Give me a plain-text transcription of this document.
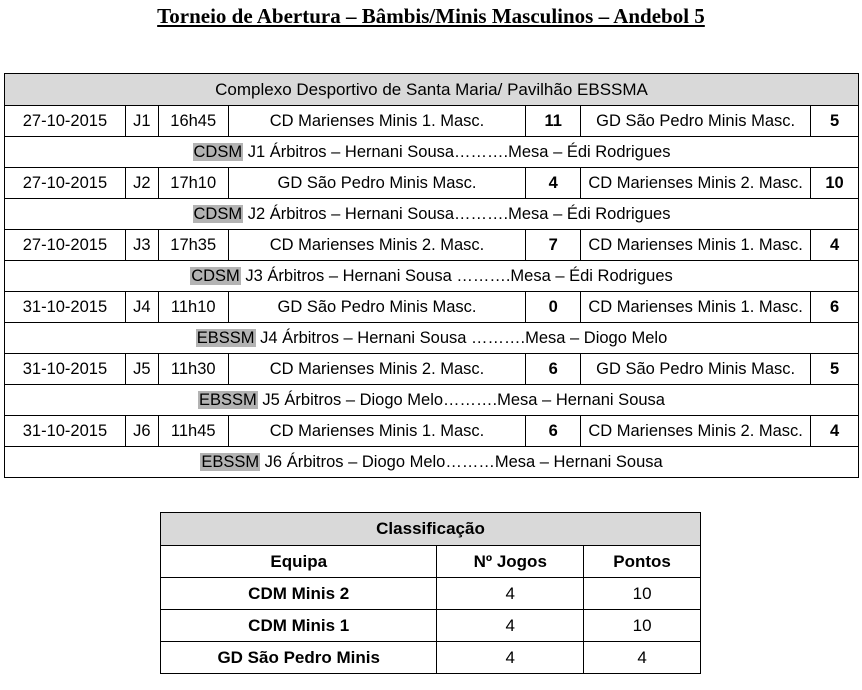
Torneio de Abertura – Bâmbis/Minis Masculinos – Andebol 5
Complexo Desportivo de Santa Maria/ Pavilhão EBSSMA						
27-10-2015	J1	16h45	CD Marienses Minis 1. Masc.	11	GD São Pedro Minis Masc.	5
CDSM J1 Árbitros – Hernani Sousa……….Mesa – Édi Rodrigues						
27-10-2015	J2	17h10	GD São Pedro Minis Masc.	4	CD Marienses Minis 2. Masc.	10
CDSM J2 Árbitros – Hernani Sousa……….Mesa – Édi Rodrigues						
27-10-2015	J3	17h35	CD Marienses Minis 2. Masc.	7	CD Marienses Minis 1. Masc.	4
CDSM J3 Árbitros – Hernani Sousa ……….Mesa – Édi Rodrigues						
31-10-2015	J4	11h10	GD São Pedro Minis Masc.	0	CD Marienses Minis 1. Masc.	6
EBSSM J4 Árbitros – Hernani Sousa ……….Mesa – Diogo Melo						
31-10-2015	J5	11h30	CD Marienses Minis 2. Masc.	6	GD São Pedro Minis Masc.	5
EBSSM J5 Árbitros – Diogo Melo……….Mesa – Hernani Sousa						
31-10-2015	J6	11h45	CD Marienses Minis 1. Masc.	6	CD Marienses Minis 2. Masc.	4
EBSSM J6 Árbitros – Diogo Melo………Mesa – Hernani Sousa						
Classificação		
Equipa	Nº Jogos	Pontos
CDM Minis 2	4	10
CDM Minis 1	4	10
GD São Pedro Minis	4	4
